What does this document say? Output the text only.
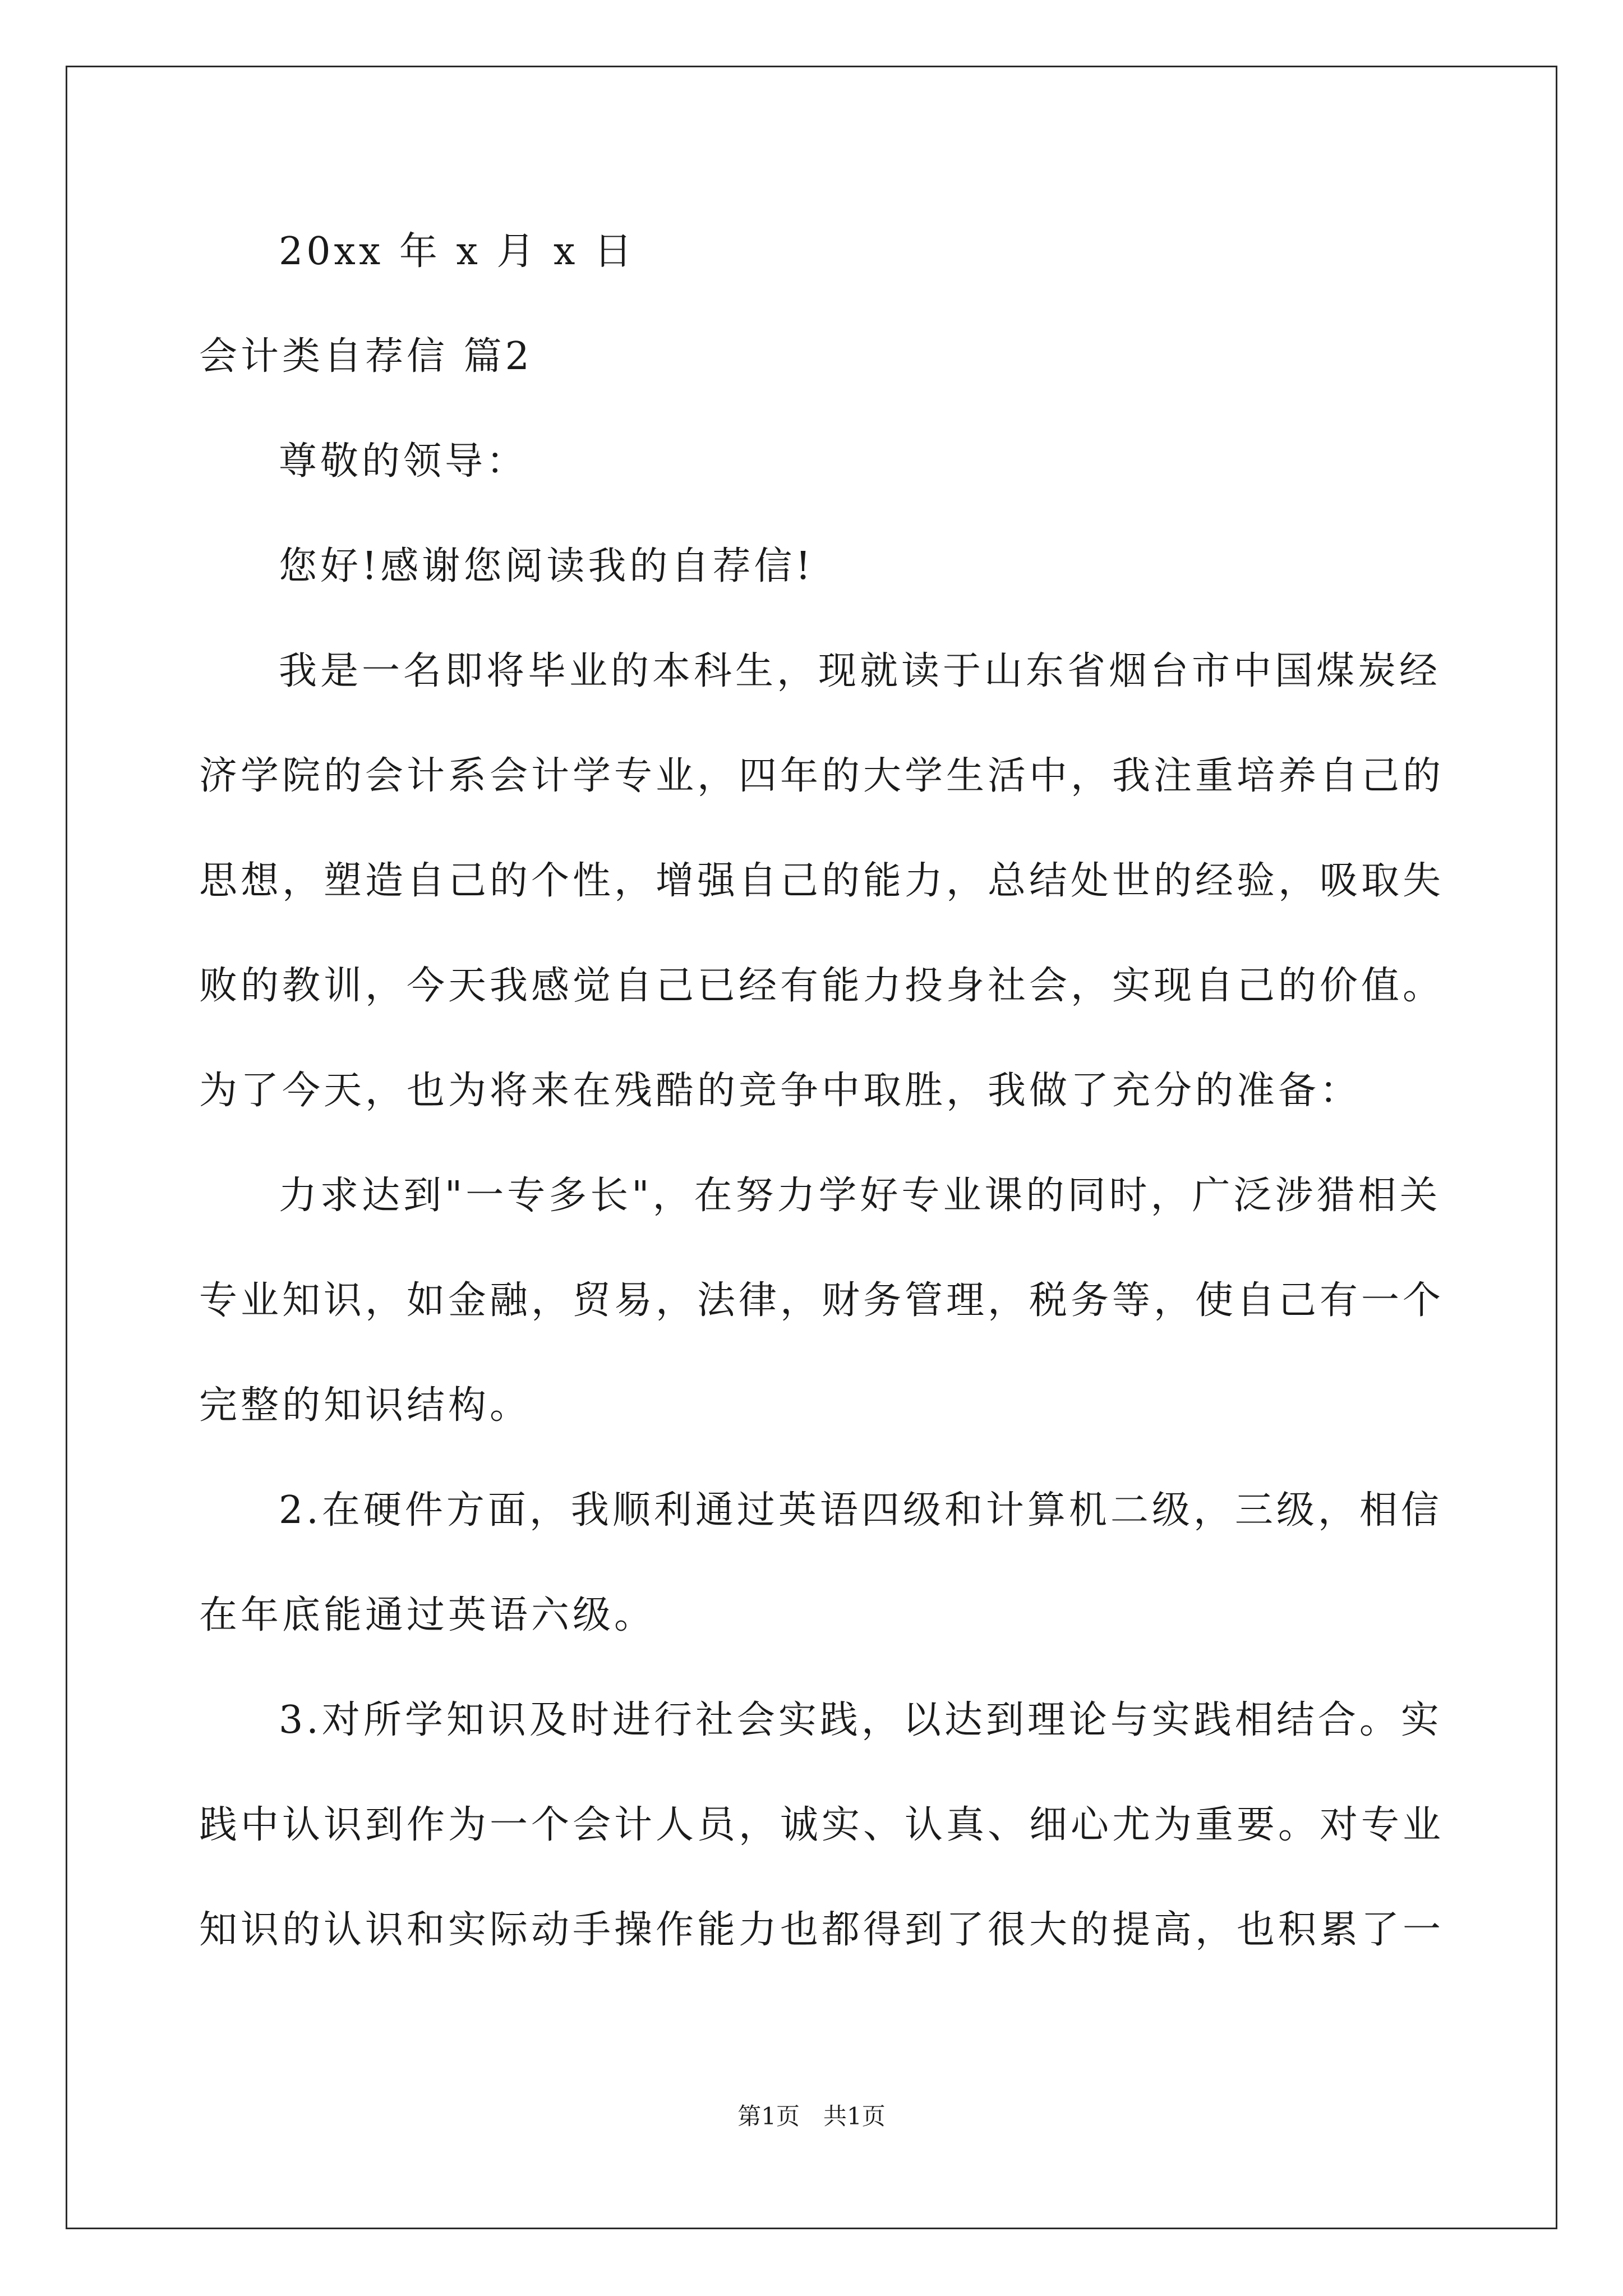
20xx 年 x 月 x 日
会计类自荐信 篇2
尊敬的领导：
您好!感谢您阅读我的自荐信!
我是一名即将毕业的本科生，现就读于山东省烟台市中国煤炭经
济学院的会计系会计学专业，四年的大学生活中，我注重培养自己的
思想，塑造自己的个性，增强自己的能力，总结处世的经验，吸取失
败的教训，今天我感觉自己已经有能力投身社会，实现自己的价值。
为了今天，也为将来在残酷的竞争中取胜，我做了充分的准备：
力求达到"一专多长"，在努力学好专业课的同时，广泛涉猎相关
专业知识，如金融，贸易，法律，财务管理，税务等，使自己有一个
完整的知识结构。
2.在硬件方面，我顺利通过英语四级和计算机二级，三级，相信
在年底能通过英语六级。
3.对所学知识及时进行社会实践，以达到理论与实践相结合。实
践中认识到作为一个会计人员，诚实、认真、细心尤为重要。对专业
知识的认识和实际动手操作能力也都得到了很大的提高，也积累了一
第1页　共1页
